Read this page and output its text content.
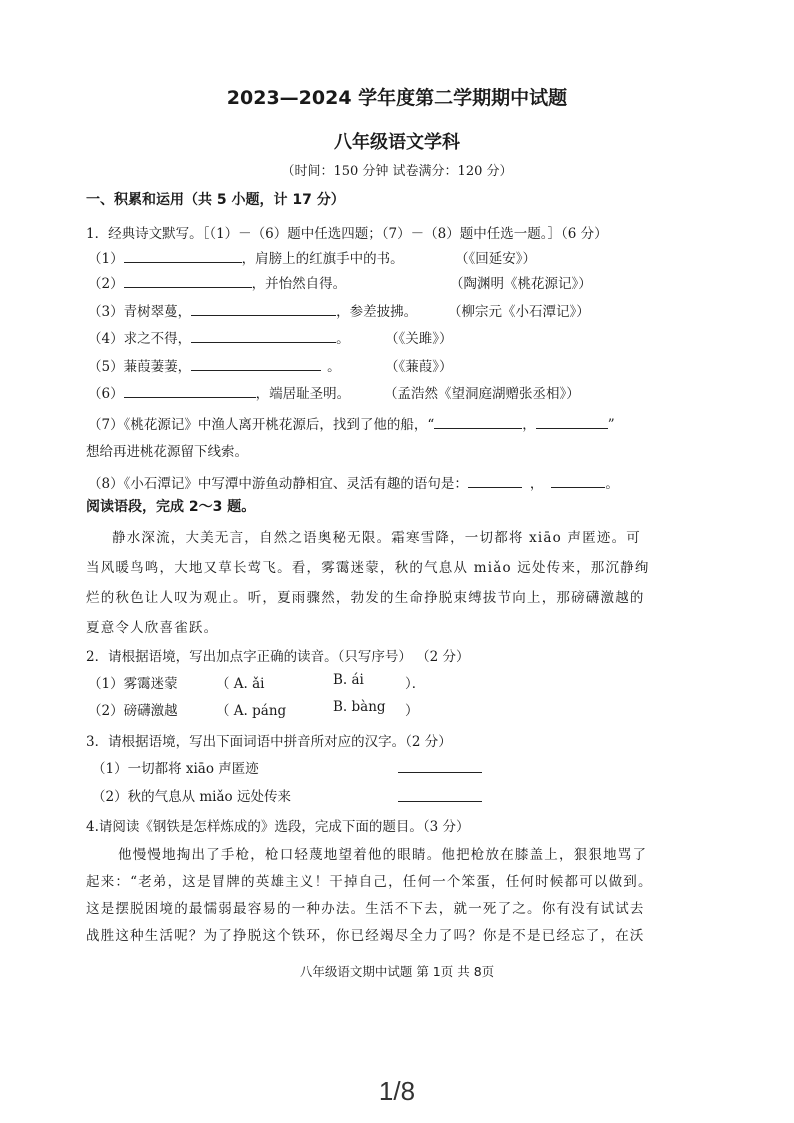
2023—2024 学年度第二学期期中试题
八年级语文学科
（时间：150 分钟 试卷满分：120 分）
一、积累和运用（共 5 小题，计 17 分）
1．经典诗文默写。［（1）－（6）题中任选四题；（7）－（8）题中任选一题。］（6 分）
（1）	，肩膀上的红旗手中的书。	（《回延安》）
（2）	，并怡然自得。	（陶渊明《桃花源记》）
（3）青树翠蔓，	，参差披拂。 （柳宗元《小石潭记》）
（4）求之不得，	。	（《关雎》）
（5）蒹葭萋萋，	。	（《蒹葭》）
（6）	，端居耻圣明。	（孟浩然《望洞庭湖赠张丞相》）
（7）《桃花源记》中渔人离开桃花源后，找到了他的船，“	，	”
想给再进桃花源留下线索。
（8）《小石潭记》中写潭中游鱼动静相宜、灵活有趣的语句是：	，	。
阅读语段，完成 2～3 题。
静水深流，大美无言，自然之语奥秘无限。霜寒雪降，一切都将 xiāo 声匿迹。可
当风暖鸟鸣，大地又草长莺飞。看，雾霭迷蒙，秋的气息从 miǎo 远处传来，那沉静绚
烂的秋色让人叹为观止。听，夏雨骤然，勃发的生命挣脱束缚拔节向上，那磅礴激越的
夏意令人欣喜雀跃。
2．请根据语境，写出加点字正确的读音。（只写序号） （2 分）
（1）雾霭迷蒙	（ A. ǎi	B. ái	）．
（2）磅礴激越	（ A. páng	B. bàng ）
3．请根据语境，写出下面词语中拼音所对应的汉字。（2 分）
（1）一切都将 xiāo 声匿迹
（2）秋的气息从 miǎo 远处传来
4.请阅读《钢铁是怎样炼成的》选段，完成下面的题目。（3 分）
他慢慢地掏出了手枪，枪口轻蔑地望着他的眼睛。他把枪放在膝盖上，狠狠地骂了
起来：“老弟，这是冒牌的英雄主义！干掉自己，任何一个笨蛋，任何时候都可以做到。
这是摆脱困境的最懦弱最容易的一种办法。生活不下去，就一死了之。你有没有试试去
战胜这种生活呢？为了挣脱这个铁环，你已经竭尽全力了吗？你是不是已经忘了，在沃
八年级语文期中试题 第 1页 共 8页
1/8
